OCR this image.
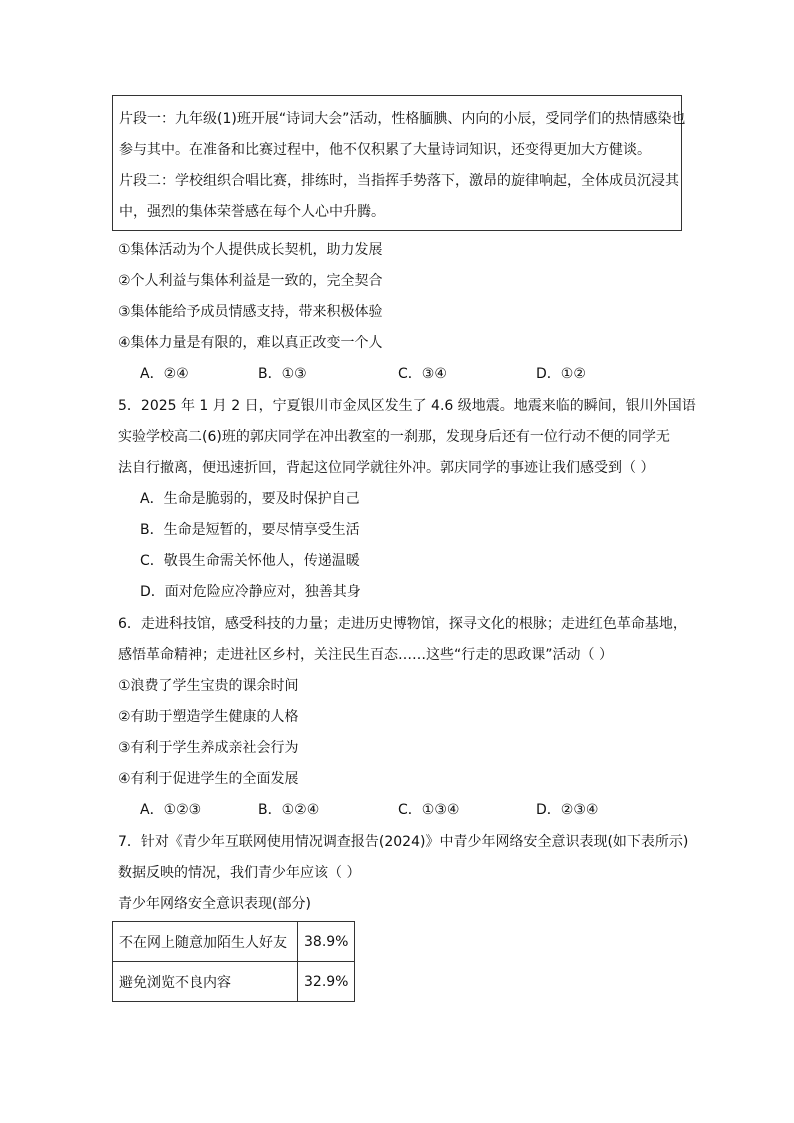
片段一：九年级(1)班开展“诗词大会”活动，性格腼腆、内向的小辰，受同学们的热情感染也
参与其中。在准备和比赛过程中，他不仅积累了大量诗词知识，还变得更加大方健谈。
片段二：学校组织合唱比赛，排练时，当指挥手势落下，激昂的旋律响起，全体成员沉浸其
中，强烈的集体荣誉感在每个人心中升腾。
①集体活动为个人提供成长契机，助力发展
②个人利益与集体利益是一致的，完全契合
③集体能给予成员情感支持，带来积极体验
④集体力量是有限的，难以真正改变一个人
A．②④	B．①③	C．③④	D．①②
5．2025 年 1 月 2 日，宁夏银川市金凤区发生了 4.6 级地震。地震来临的瞬间，银川外国语
实验学校高二(6)班的郭庆同学在冲出教室的一刹那，发现身后还有一位行动不便的同学无
法自行撤离，便迅速折回，背起这位同学就往外冲。郭庆同学的事迹让我们感受到（ ）
A．生命是脆弱的，要及时保护自己
B．生命是短暂的，要尽情享受生活
C．敬畏生命需关怀他人，传递温暖
D．面对危险应冷静应对，独善其身
6．走进科技馆，感受科技的力量；走进历史博物馆，探寻文化的根脉；走进红色革命基地，
感悟革命精神；走进社区乡村，关注民生百态……这些“行走的思政课”活动（ ）
①浪费了学生宝贵的课余时间
②有助于塑造学生健康的人格
③有利于学生养成亲社会行为
④有利于促进学生的全面发展
A．①②③	B．①②④	C．①③④	D．②③④
7．针对《青少年互联网使用情况调查报告(2024)》中青少年网络安全意识表现(如下表所示)
数据反映的情况，我们青少年应该（ ）
青少年网络安全意识表现(部分)
不在网上随意加陌生人好友	38.9%
避免浏览不良内容	32.9%
